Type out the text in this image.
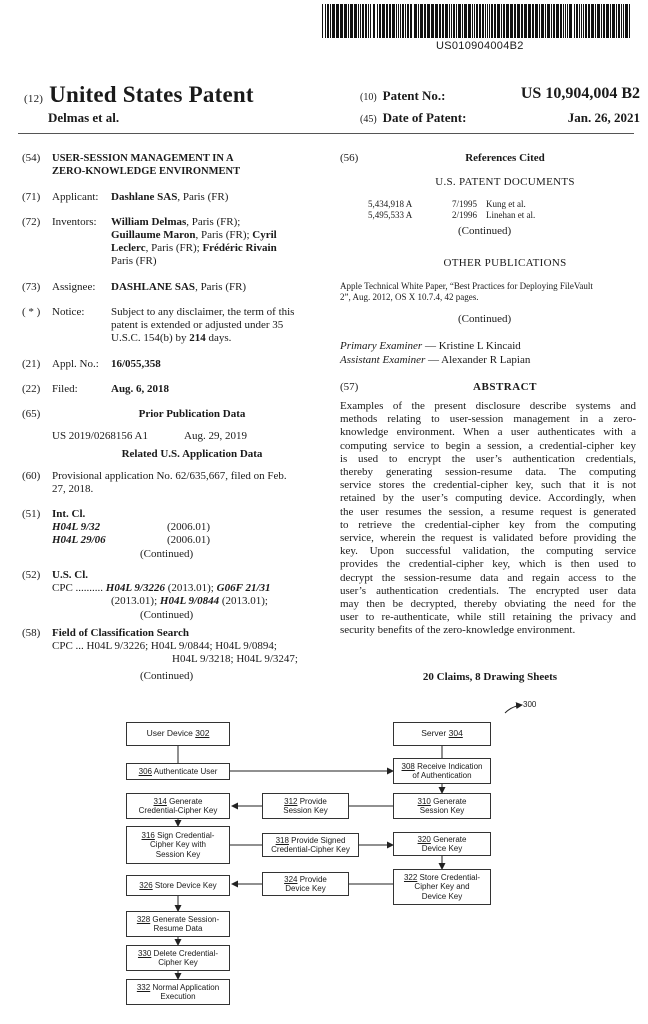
US010904004B2
(12) United States Patent
Delmas et al.
(10) Patent No.:	US 10,904,004 B2
(45) Date of Patent:	Jan. 26, 2021
(54) USER-SESSION MANAGEMENT IN A
ZERO-KNOWLEDGE ENVIRONMENT
(71) Applicant: Dashlane SAS, Paris (FR)
(72) Inventors: William Delmas, Paris (FR);
Guillaume Maron, Paris (FR); Cyril
Leclerc, Paris (FR); Frédéric Rivain
Paris (FR)
(73) Assignee: DASHLANE SAS, Paris (FR)
( * ) Notice: Subject to any disclaimer, the term of this
patent is extended or adjusted under 35
U.S.C. 154(b) by 214 days.
(21) Appl. No.: 16/055,358
(22) Filed:	Aug. 6, 2018
(65)	Prior Publication Data
US 2019/0268156 A1	Aug. 29, 2019
Related U.S. Application Data
(60) Provisional application No. 62/635,667, filed on Feb.
27, 2018.
(51) Int. Cl.
H04L 9/32	(2006.01)
H04L 29/06	(2006.01)
(Continued)
(52) U.S. Cl.
CPC .......... H04L 9/3226 (2013.01); G06F 21/31
(2013.01); H04L 9/0844 (2013.01);
(Continued)
(58) Field of Classification Search
CPC ... H04L 9/3226; H04L 9/0844; H04L 9/0894;
H04L 9/3218; H04L 9/3247;
(Continued)
(56)	References Cited
U.S. PATENT DOCUMENTS
5,434,918 A	7/1995 Kung et al.
5,495,533 A	2/1996 Linehan et al.
(Continued)
OTHER PUBLICATIONS
Apple Technical White Paper, “Best Practices for Deploying FileVault
2”, Aug. 2012, OS X 10.7.4, 42 pages.
(Continued)
Primary Examiner — Kristine L Kincaid
Assistant Examiner — Alexander R Lapian
(57)	ABSTRACT
Examples of the present disclosure describe systems and
methods relating to user-session management in a zero-
knowledge environment. When a user authenticates with a
computing service to begin a session, a credential-cipher key
is used to encrypt the user’s authentication credentials,
thereby generating session-resume data. The computing
service stores the credential-cipher key, such that it is not
retained by the user’s computing device. Accordingly, when
the user resumes the session, a resume request is generated
to retrieve the credential-cipher key from the computing
service, wherein the request is validated before providing the
key. Upon successful validation, the computing service
provides the credential-cipher key, which is then used to
decrypt the session-resume data and regain access to the
user’s authentication credentials. The encrypted user data
may then be decrypted, thereby obviating the need for the
user to re-authenticate, while still retaining the privacy and
security benefits of the zero-knowledge environment.
20 Claims, 8 Drawing Sheets
300
User Device 302	Server 304
306 Authenticate User
308 Receive Indication
of Authentication
314 Generate
Credential-Cipher Key
312 Provide
Session Key
310 Generate
Session Key
316 Sign Credential-
Cipher Key with
Session Key
318 Provide Signed
Credential-Cipher Key
320 Generate
Device Key
326 Store Device Key
324 Provide
Device Key
322 Store Credential-
Cipher Key and
Device Key
328 Generate Session-
Resume Data
330 Delete Credential-
Cipher Key
332 Normal Application
Execution
